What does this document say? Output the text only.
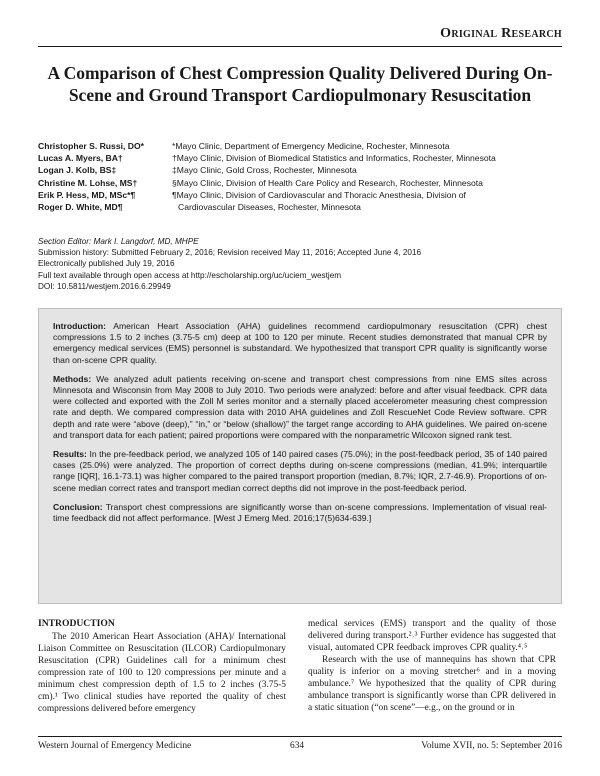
Original Research
A Comparison of Chest Compression Quality Delivered During On-Scene and Ground Transport Cardiopulmonary Resuscitation
Christopher S. Russi, DO*
Lucas A. Myers, BA†
Logan J. Kolb, BS‡
Christine M. Lohse, MS†
Erik P. Hess, MD, MSc*¶
Roger D. White, MD¶
*Mayo Clinic, Department of Emergency Medicine, Rochester, Minnesota
†Mayo Clinic, Division of Biomedical Statistics and Informatics, Rochester, Minnesota
‡Mayo Clinic, Gold Cross, Rochester, Minnesota
§Mayo Clinic, Division of Health Care Policy and Research, Rochester, Minnesota
¶Mayo Clinic, Division of Cardiovascular and Thoracic Anesthesia, Division of
Cardiovascular Diseases, Rochester, Minnesota
Section Editor: Mark I. Langdorf, MD, MHPE
Submission history: Submitted February 2, 2016; Revision received May 11, 2016; Accepted June 4, 2016
Electronically published July 19, 2016
Full text available through open access at http://escholarship.org/uc/uciem_westjem
DOI: 10.5811/westjem.2016.6.29949

Introduction: American Heart Association (AHA) guidelines recommend cardiopulmonary resuscitation (CPR) chest compressions 1.5 to 2 inches (3.75-5 cm) deep at 100 to 120 per minute. Recent studies demonstrated that manual CPR by emergency medical services (EMS) personnel is substandard. We hypothesized that transport CPR quality is significantly worse than on-scene CPR quality.

Methods: We analyzed adult patients receiving on-scene and transport chest compressions from nine EMS sites across Minnesota and Wisconsin from May 2008 to July 2010. Two periods were analyzed: before and after visual feedback. CPR data were collected and exported with the Zoll M series monitor and a sternally placed accelerometer measuring chest compression rate and depth. We compared compression data with 2010 AHA guidelines and Zoll RescueNet Code Review software. CPR depth and rate were “above (deep),” “in,” or “below (shallow)” the target range according to AHA guidelines. We paired on-scene and transport data for each patient; paired proportions were compared with the nonparametric Wilcoxon signed rank test.

Results: In the pre-feedback period, we analyzed 105 of 140 paired cases (75.0%); in the post-feedback period, 35 of 140 paired cases (25.0%) were analyzed. The proportion of correct depths during on-scene compressions (median, 41.9%; interquartile range [IQR], 16.1-73.1) was higher compared to the paired transport proportion (median, 8.7%; IQR, 2.7-46.9). Proportions of on-scene median correct rates and transport median correct depths did not improve in the post-feedback period.

Conclusion: Transport chest compressions are significantly worse than on-scene compressions. Implementation of visual real-time feedback did not affect performance. [West J Emerg Med. 2016;17(5)634-639.]

INTRODUCTION

The 2010 American Heart Association (AHA)/ International Liaison Committee on Resuscitation (ILCOR) Cardiopulmonary Resuscitation (CPR) Guidelines call for a minimum chest compression rate of 100 to 120 compressions per minute and a minimum chest compression depth of 1.5 to 2 inches (3.75-5 cm).¹ Two clinical studies have reported the quality of chest compressions delivered before emergency

medical services (EMS) transport and the quality of those delivered during transport.²˒³ Further evidence has suggested that visual, automated CPR feedback improves CPR quality.⁴˒⁵

Research with the use of mannequins has shown that CPR quality is inferior on a moving stretcher⁶ and in a moving ambulance.⁷ We hypothesized that the quality of CPR during ambulance transport is significantly worse than CPR delivered in a static situation (“on scene”—e.g., on the ground or in

Western Journal of Emergency Medicine	634	Volume XVII, no. 5: September 2016
